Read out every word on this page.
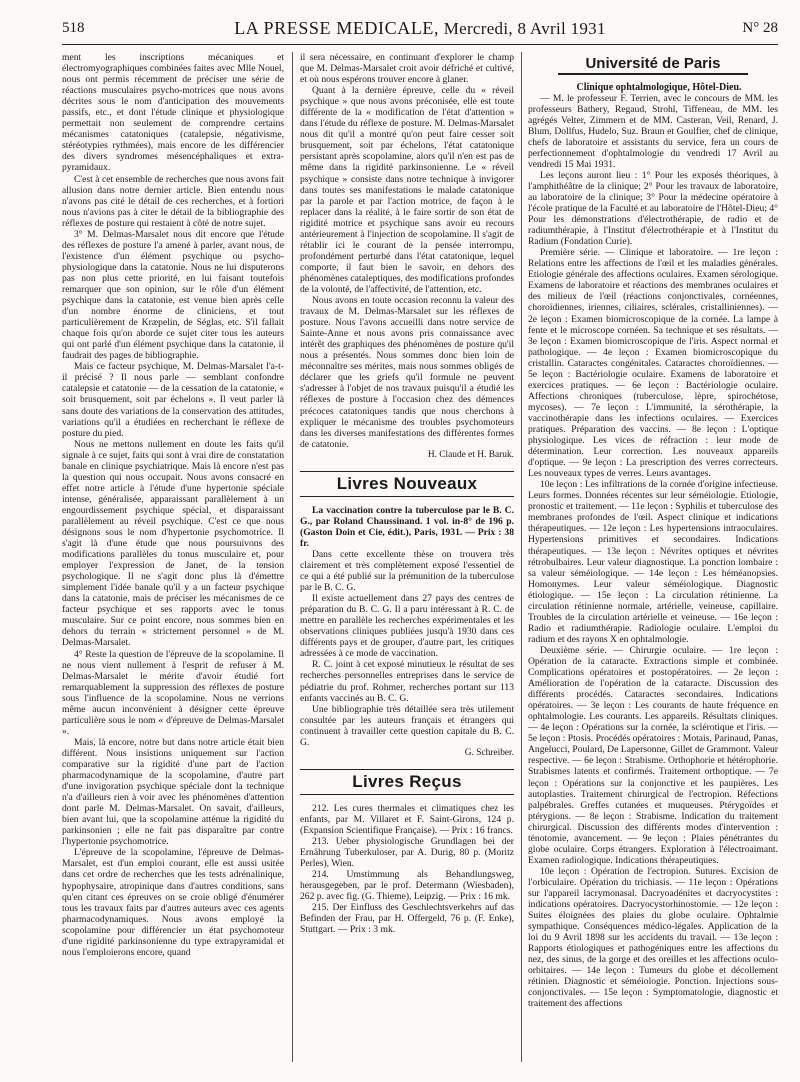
518	LA PRESSE MEDICALE, Mercredi, 8 Avril 1931	N° 28

ment les inscriptions mécaniques et électromyographiques combinées faites avec Mlle Nouel, nous ont permis récemment de préciser une série de réactions musculaires psycho-motrices que nous avons décrites sous le nom d'anticipation des mouvements passifs, etc., et dont l'étude clinique et physiologique permettait non seulement de comprendre certains mécanismes catatoniques (catalepsie, négativisme, stéréotypies rythmées), mais encore de les différencier des divers syndromes mésencéphaliques et extra-pyramidaux.

C'est à cet ensemble de recherches que nous avons fait allusion dans notre dernier article. Bien entendu nous n'avons pas cité le détail de ces recherches, et à fortiori nous n'avions pas à citer le détail de la bibliographie des réflexes de posture qui restaient à côté de notre sujet.

3° M. Delmas-Marsalet nous dit encore que l'étude des réflexes de posture l'a amené à parler, avant nous, de l'existence d'un élément psychique ou psycho-physiologique dans la catatonie. Nous ne lui disputerons pas non plus cette priorité, en lui faisant toutefois remarquer que son opinion, sur le rôle d'un élément psychique dans la catatonie, est venue bien après celle d'un nombre énorme de cliniciens, et tout particulièrement de Kræpelin, de Séglas, etc. S'il fallait chaque fois qu'on aborde ce sujet citer tous les auteurs qui ont parlé d'un élément psychique dans la catatonie, il faudrait des pages de bibliographie.

Mais ce facteur psychique, M. Delmas-Marsalet l'a-t-il précisé ? Il nous parle — semblant confondre catalepsie et catatonie — de la cessation de la catatonie, « soit brusquement, soit par échelons ». Il veut parler là sans doute des variations de la conservation des attitudes, variations qu'il a étudiées en recherchant le réflexe de posture du pied.

Nous ne mettons nullement en doute les faits qu'il signale à ce sujet, faits qui sont à vrai dire de constatation banale en clinique psychiatrique. Mais là encore n'est pas la question qui nous occupait. Nous avons consacré en effet notre article à l'étude d'une hypertonie spéciale intense, généralisée, apparaissant parallèlement à un engourdissement psychique spécial, et disparaissant parallèlement au réveil psychique. C'est ce que nous désignons sous le nom d'hypertonie psychomotrice. Il s'agit là d'une étude que nous poursuivons des modifications parallèles du tonus musculaire et, pour employer l'expression de Janet, de la tension psychologique. Il ne s'agit donc plus là d'émettre simplement l'idée banale qu'il y a un facteur psychique dans la catatonie, mais de préciser les mécanismes de ce facteur psychique et ses rapports avec le tonus musculaire. Sur ce point encore, nous sommes bien en dehors du terrain « strictement personnel » de M. Delmas-Marsalet.

4° Reste la question de l'épreuve de la scopolamine. Il ne nous vient nullement à l'esprit de refuser à M. Delmas-Marsalet le mérite d'avoir étudié fort remarquablement la suppression des réflexes de posture sous l'influence de la scopolamine. Nous ne verrions même aucun inconvénient à désigner cette épreuve particulière sous le nom « d'épreuve de Delmas-Marsalet ».

Mais, là encore, notre but dans notre article était bien différent. Nous insistions uniquement sur l'action comparative sur la rigidité d'une part de l'action pharmacodynamique de la scopolamine, d'autre part d'une invigoration psychique spéciale dont la technique n'a d'ailleurs rien à voir avec les phénomènes d'attention dont parle M. Delmas-Marsalet. On savait, d'ailleurs, bien avant lui, que la scopolamine atténue la rigidité du parkinsonien ; elle ne fait pas disparaître par contre l'hypertonie psychomotrice.

L'épreuve de la scopolamine, l'épreuve de Delmas-Marsalet, est d'un emploi courant, elle est aussi usitée dans cet ordre de recherches que les tests adrénalinique, hypophysaire, atropinique dans d'autres conditions, sans qu'en citant ces épreuves on se croie obligé d'énumérer tous les travaux faits par d'autres auteurs avec ces agents pharmacodynamiques. Nous avons employé la scopolamine pour différencier un état psychomoteur d'une rigidité parkinsonienne du type extrapyramidal et nous l'emploierons encore, quand

il sera nécessaire, en continuant d'explorer le champ que M. Delmas-Marsalet croit avoir défriché et cultivé, et où nous espérons trouver encore à glaner.

Quant à la dernière épreuve, celle du « réveil psychique » que nous avons préconisée, elle est toute différente de la « modification de l'état d'attention » dans l'étude du réflexe de posture. M. Delmas-Marsalet nous dit qu'il a montré qu'on peut faire cesser soit brusquement, soit par échelons, l'état catatonique persistant après scopolamine, alors qu'il n'en est pas de même dans la rigidité parkinsonienne. Le « réveil psychique » consiste dans notre technique à invigorer dans toutes ses manifestations le malade catatonique par la parole et par l'action motrice, de façon à le replacer dans la réalité, à le faire sortir de son état de rigidité motrice et psychique sans avoir eu recours antérieurement à l'injection de scopolamine. Il s'agit de rétablir ici le courant de la pensée interrompu, profondément perturbé dans l'état catatonique, lequel comporte, il faut bien le savoir, en dehors des phénomènes cataleptiques, des modifications profondes de la volonté, de l'affectivité, de l'attention, etc.

Nous avons en toute occasion reconnu la valeur des travaux de M. Delmas-Marsalet sur les réflexes de posture. Nous l'avons accueilli dans notre service de Sainte-Anne et nous avons pris connaissance avec intérêt des graphiques des phénomènes de posture qu'il nous a présentés. Nous sommes donc bien loin de méconnaître ses mérites, mais nous sommes obligés de déclarer que les griefs qu'il formule ne peuvent s'adresser à l'objet de nos travaux puisqu'il a étudié les réflexes de posture à l'occasion chez des démences précoces catatoniques tandis que nous cherchons à expliquer le mécanisme des troubles psychomoteurs dans les diverses manifestations des différentes formes de catatonie.

H. Claude et H. Baruk.

Livres Nouveaux

La vaccination contre la tuberculose par le B. C. G., par Roland Chaussinand. 1 vol. in-8° de 196 p. (Gaston Doin et Cie, édit.), Paris, 1931. — Prix : 38 fr.

Dans cette excellente thèse on trouvera très clairement et très complètement exposé l'essentiel de ce qui a été publié sur la prémunition de la tuberculose par le B. C. G.

Il existe actuellement dans 27 pays des centres de préparation du B. C. G. Il a paru intéressant à R. C. de mettre en parallèle les recherches expérimentales et les observations cliniques publiées jusqu'à 1930 dans ces différents pays et de grouper, d'autre part, les critiques adressées à ce mode de vaccination.

R. C. joint à cet exposé minutieux le résultat de ses recherches personnelles entreprises dans le service de pédiatrie du prof. Rohmer, recherches portant sur 113 enfants vaccinés au B. C. G.

Une bibliographie très détaillée sera très utilement consultée par les auteurs français et étrangers qui continuent à travailler cette question capitale du B. C. G.

G. Schreiber.

Livres Reçus

212. Les cures thermales et climatiques chez les enfants, par M. Villaret et F. Saint-Girons, 124 p. (Expansion Scientifique Française). — Prix : 16 francs.

213. Ueber physiologische Grundlagen bei der Ernährung Tuberkuloser, par A. Durig, 80 p. (Moritz Perles), Wien.

214. Umstimmung als Behandlungsweg, herausgegeben, par le prof. Determann (Wiesbaden), 262 p. avec fig. (G. Thieme), Leipzig. — Prix : 16 mk.

215. Der Einfluss des Geschlechtsverkehrs auf das Befinden der Frau, par H. Offergeld, 76 p. (F. Enke), Stuttgart. — Prix : 3 mk.

Université de Paris

Clinique ophtalmologique, Hôtel-Dieu.

— M. le professeur F. Terrien, avec le concours de MM. les professeurs Bathery, Regaud, Strohl, Tiffeneau, de MM. les agrégés Velter, Zimmern et de MM. Casteran, Veil, Renard, J. Blum, Dollfus, Hudelo, Suz. Braun et Goulfier, chef de clinique, chefs de laboratoire et assistants du service, fera un cours de perfectionnement d'ophtalmologie du vendredi 17 Avril au vendredi 15 Mai 1931.

Les leçons auront lieu : 1° Pour les exposés théoriques, à l'amphithéâtre de la clinique; 2° Pour les travaux de laboratoire, au laboratoire de la clinique; 3° Pour la médecine opératoire à l'école pratique de la Faculté et au laboratoire de l'Hôtel-Dieu; 4° Pour les démonstrations d'électrothérapie, de radio et de radiumthérapie, à l'Institut d'électrothérapie et à l'Institut du Radium (Fondation Curie).

Première série. — Clinique et laboratoire. — 1re leçon : Relations entre les affections de l'œil et les maladies générales. Etiologie générale des affections oculaires. Examen sérologique. Examens de laboratoire et réactions des membranes oculaires et des milieux de l'œil (réactions conjonctivales, cornéennes, choroïdiennes, iriennes, ciliaires, sclérales, cristalliniennes). — 2e leçon : Examen biomicroscopique de la cornée. La lampe à fente et le microscope cornéen. Sa technique et ses résultats. — 3e leçon : Examen biomicroscopique de l'iris. Aspect normal et pathologique. — 4e leçon : Examen biomicroscopique du cristallin. Cataractes congénitales. Cataractes choroïdiennes. — 5e leçon : Bactériologie oculaire. Examens de laboratoire et exercices pratiques. — 6e leçon : Bactériologie oculaire. Affections chroniques (tuberculose, lèpre, spirochétose, mycoses). — 7e leçon : L'immunité, la sérothérapie, la vaccinothérapie dans les infections oculaires. — Exercices pratiques. Préparation des vaccins. — 8e leçon : L'optique physiologique. Les vices de réfraction : leur mode de détermination. Leur correction. Les nouveaux appareils d'optique. — 9e leçon : La prescription des verres correcteurs. Les nouveaux types de verres. Leurs avantages.

10e leçon : Les infiltrations de la cornée d'origine infectieuse. Leurs formes. Données récentes sur leur séméiologie. Etiologie, pronostic et traitement. — 11e leçon : Syphilis et tuberculose des membranes profondes de l'œil. Aspect clinique et indications thérapeutiques. — 12e leçon : Les hypertensions intraoculaires. Hypertensions primitives et secondaires. Indications thérapeutiques. — 13e leçon : Névrites optiques et névrites rétrobulbaires. Leur valeur diagnostique. La ponction lombaire : sa valeur séméiologique. — 14e leçon : Les héméanopsies. Homonymes. Leur valeur séméiologique. Diagnostic étiologique. — 15e leçon : La circulation rétinienne. La circulation rétinienne normale, artérielle, veineuse, capillaire. Troubles de la circulation artérielle et veineuse. — 16e leçon : Radio et radiumthérapie. Radiologie oculaire. L'emploi du radium et des rayons X en ophtalmologie.

Deuxième série. — Chirurgie oculaire. — 1re leçon : Opération de la cataracte. Extractions simple et combinée. Complications opératoires et postopératoires. — 2e leçon : Amélioration de l'opération de la cataracte. Discussion des différents procédés. Cataractes secondaires. Indications opératoires. — 3e leçon : Les courants de haute fréquence en ophtalmologie. Les courants. Les appareils. Résultats cliniques. — 4e leçon : Opérations sur la cornée, la sclérotique et l'iris. — 5e leçon : Ptosis. Procédés opératoires : Motais, Parinaud, Panas, Angelucci, Poulard, De Lapersonne, Gillet de Grammont. Valeur respective. — 6e leçon : Strabisme. Orthophorie et hétérophorie. Strabismes latents et confirmés. Traitement orthoptique. — 7e leçon : Opérations sur la conjonctive et les paupières. Les autoplasties. Traitement chirurgical de l'ectropion. Réfections palpébrales. Greffes cutanées et muqueuses. Ptérygoïdes et ptérygions. — 8e leçon : Strabisme. Indication du traitement chirurgical. Discussion des différents modes d'intervention : ténotomie, avancement. — 9e leçon : Plaies pénétrantes du globe oculaire. Corps étrangers. Exploration à l'électroaimant. Examen radiologique. Indications thérapeutiques.

10e leçon : Opération de l'ectropion. Sutures. Excision de l'orbiculaire. Opération du trichiasis. — 11e leçon : Opérations sur l'appareil lacrymonasal. Dacryoadénites et dacryocystites : indications opératoires. Dacryocystorhinostomie. — 12e leçon : Suites éloignées des plaies du globe oculaire. Ophtalmie sympathique. Conséquences médico-légales. Application de la loi du 9 Avril 1898 sur les accidents du travail. — 13e leçon : Rapports étiologiques et pathogéniques entre les affections du nez, des sinus, de la gorge et des oreilles et les affections oculo-orbitaires. — 14e leçon : Tumeurs du globe et décollement rétinien. Diagnostic et séméiologie. Ponction. Injections sous-conjonctivales. — 15e leçon : Symptomatologie, diagnostic et traitement des affections
